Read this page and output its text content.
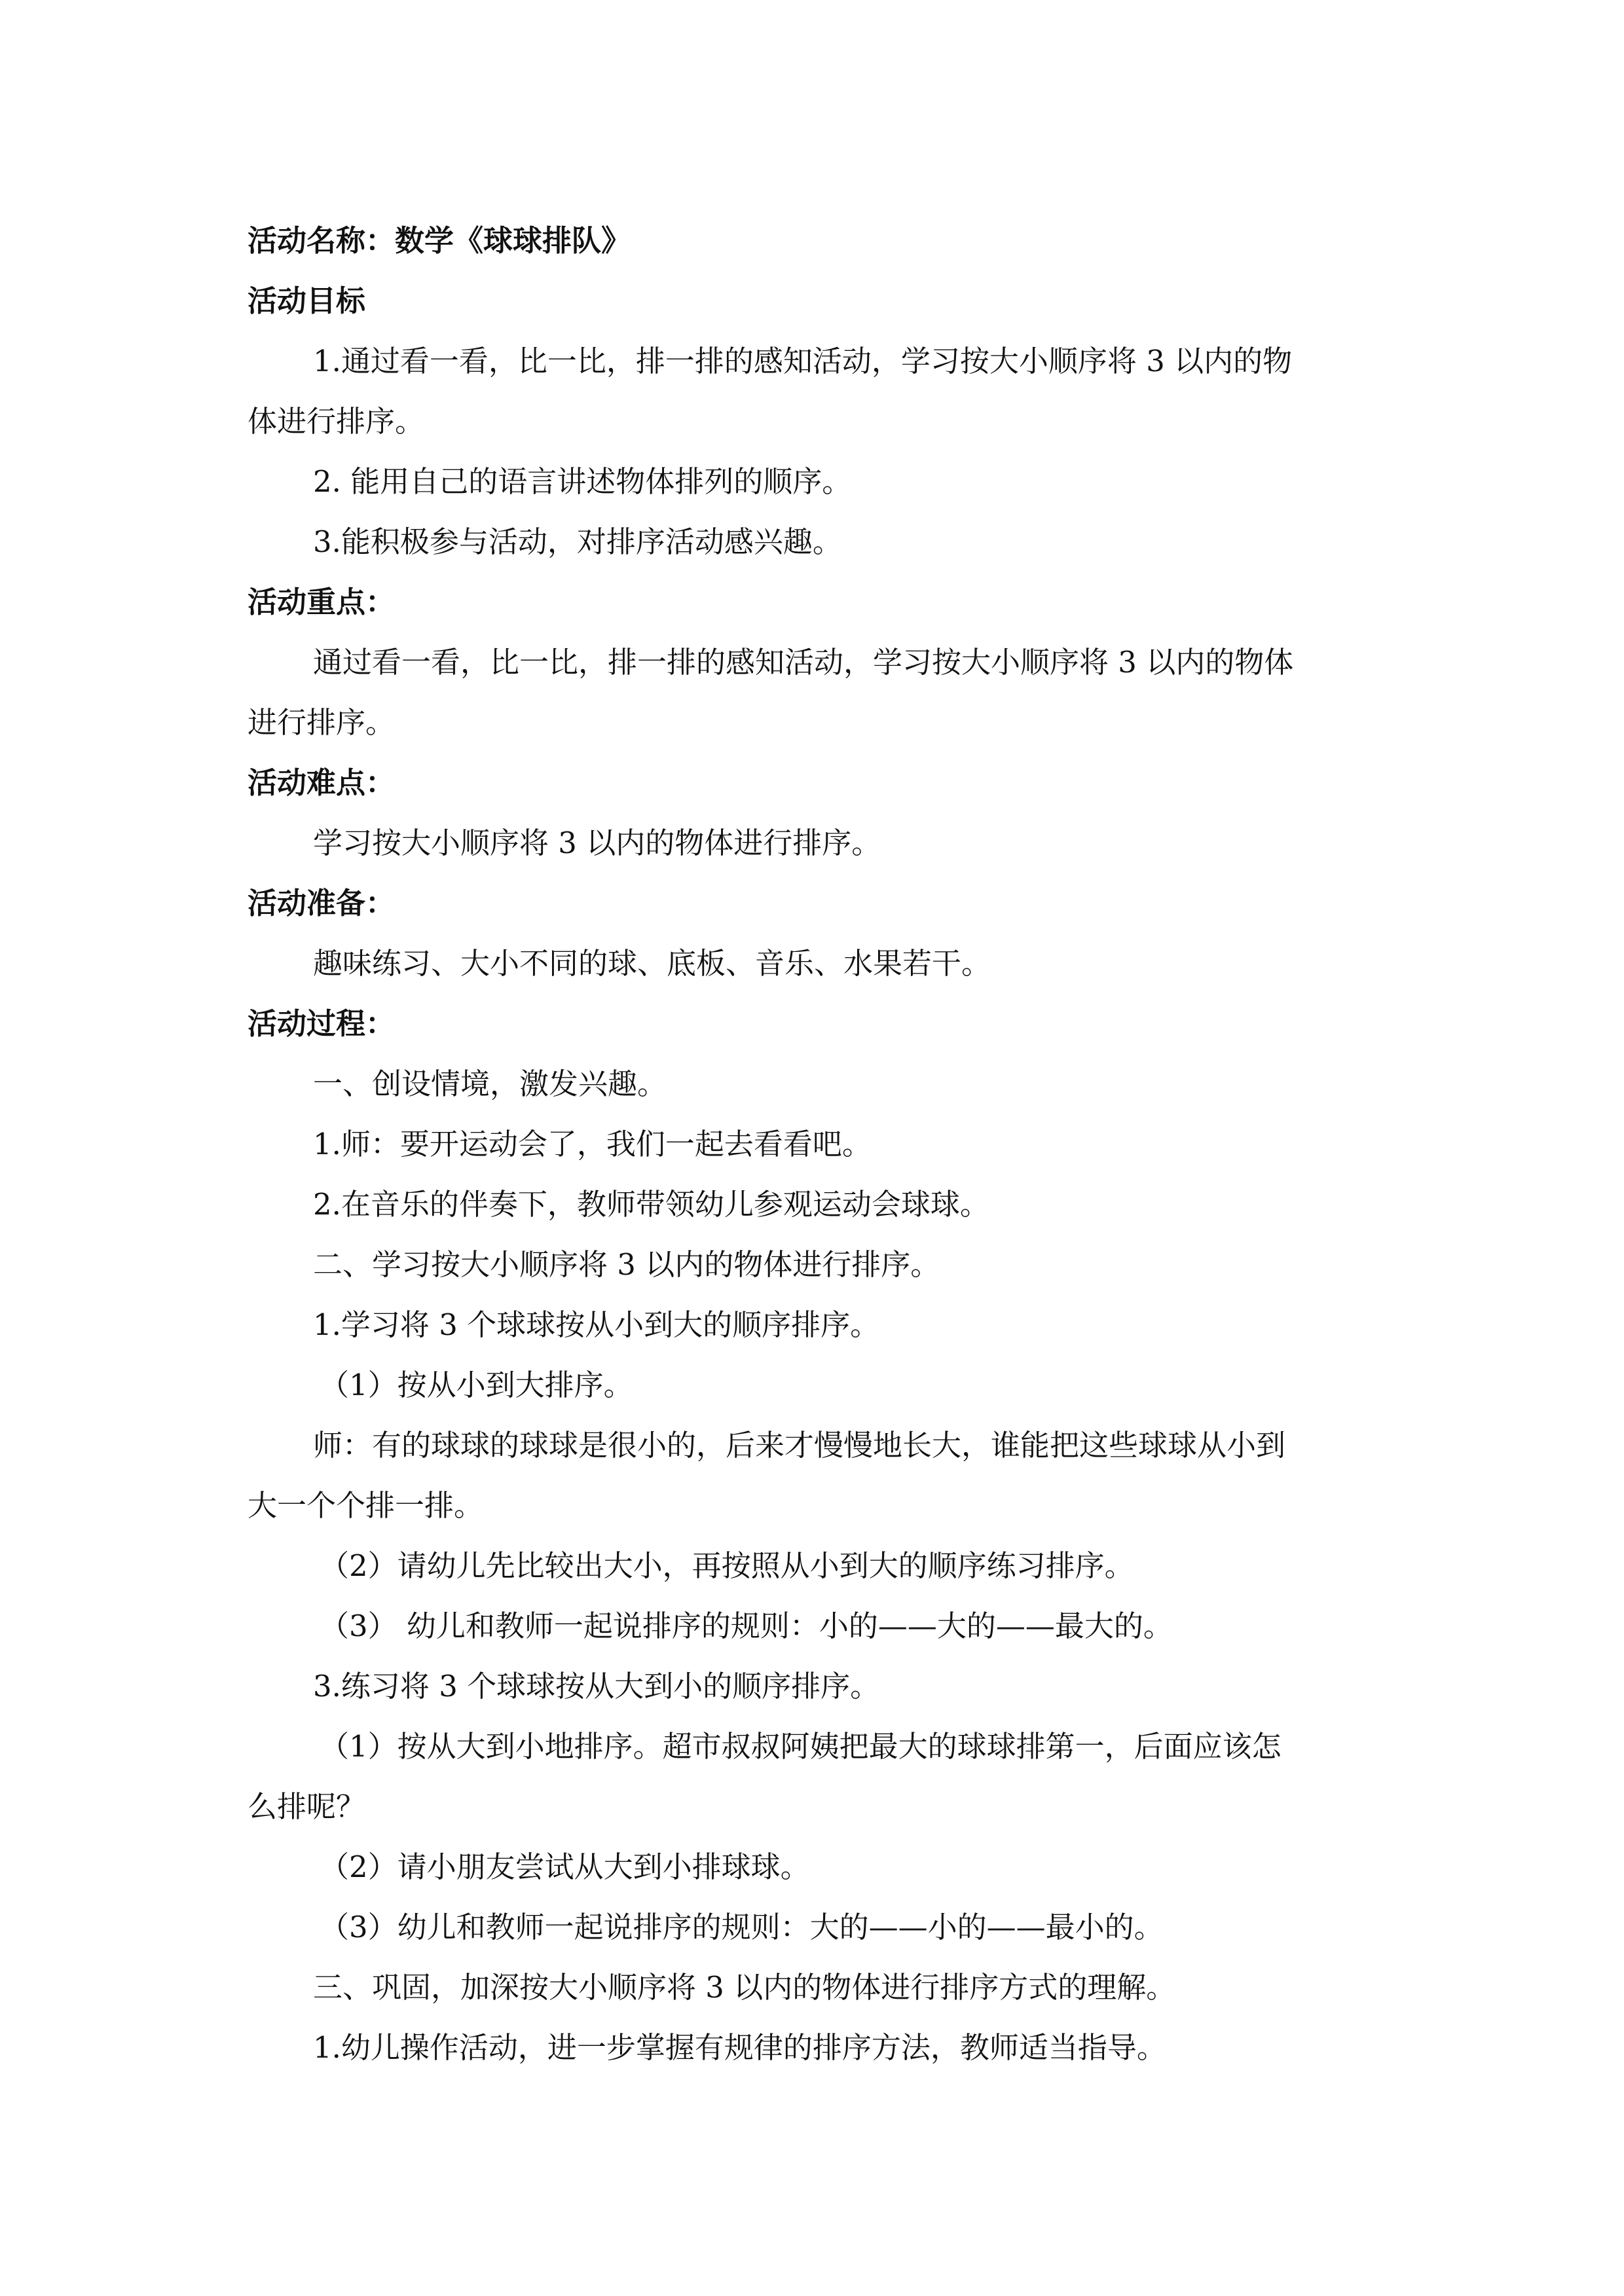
活动名称：数学《球球排队》
活动目标
1.通过看一看，比一比，排一排的感知活动，学习按大小顺序将 3 以内的物
体进行排序。
2. 能用自己的语言讲述物体排列的顺序。
3.能积极参与活动，对排序活动感兴趣。
活动重点：
通过看一看，比一比，排一排的感知活动，学习按大小顺序将 3 以内的物体
进行排序。
活动难点：
学习按大小顺序将 3 以内的物体进行排序。
活动准备：
趣味练习、大小不同的球、底板、音乐、水果若干。
活动过程：
一、创设情境，激发兴趣。
1.师：要开运动会了，我们一起去看看吧。
2.在音乐的伴奏下，教师带领幼儿参观运动会球球。
二、学习按大小顺序将 3 以内的物体进行排序。
1.学习将 3 个球球按从小到大的顺序排序。
（1）按从小到大排序。
师：有的球球的球球是很小的，后来才慢慢地长大，谁能把这些球球从小到
大一个个排一排。
（2）请幼儿先比较出大小，再按照从小到大的顺序练习排序。
（3） 幼儿和教师一起说排序的规则：小的——大的——最大的。
3.练习将 3 个球球按从大到小的顺序排序。
（1）按从大到小地排序。超市叔叔阿姨把最大的球球排第一，后面应该怎
么排呢？
（2）请小朋友尝试从大到小排球球。
（3）幼儿和教师一起说排序的规则：大的——小的——最小的。
三、巩固，加深按大小顺序将 3 以内的物体进行排序方式的理解。
1.幼儿操作活动，进一步掌握有规律的排序方法，教师适当指导。
